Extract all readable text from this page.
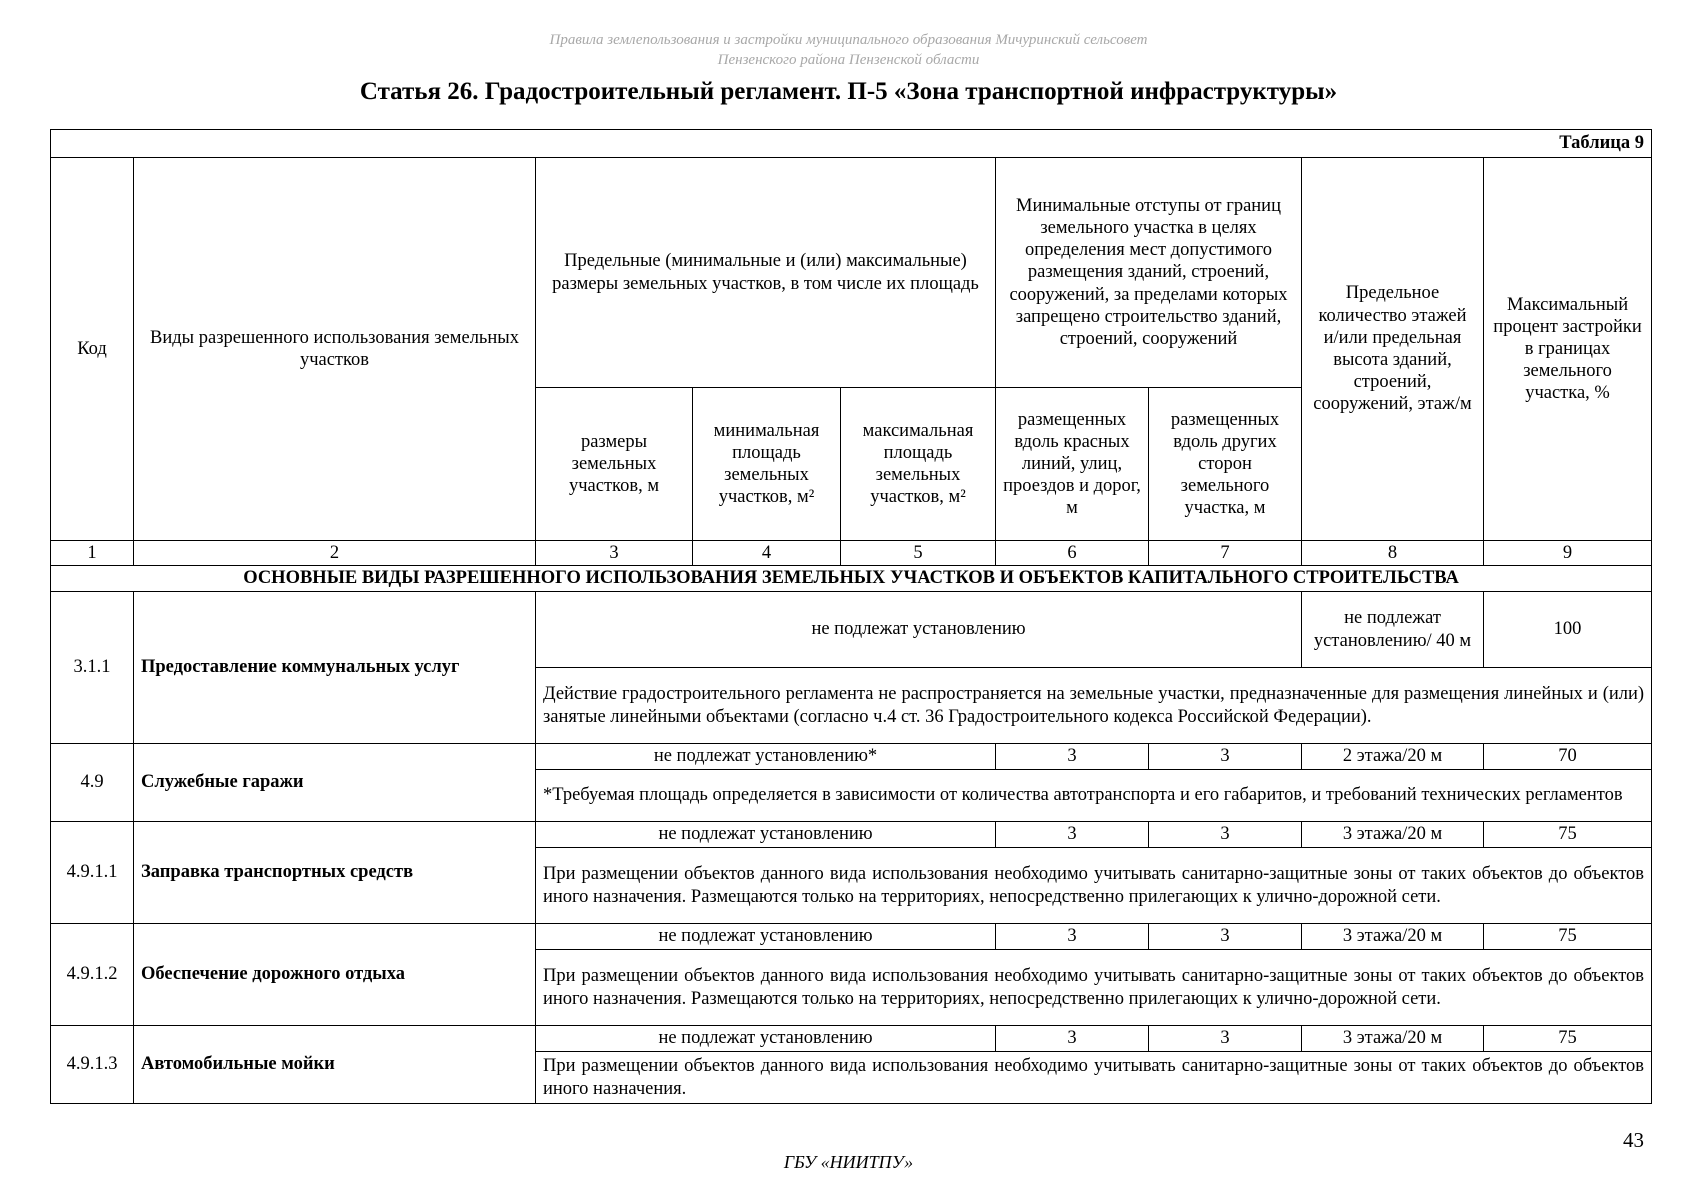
Правила землепользования и застройки муниципального образования Мичуринский сельсовет
Пензенского района Пензенской области
Статья 26. Градостроительный регламент. П-5 «Зона транспортной инфраструктуры»
Таблица 9								
Код	Виды разрешенного использования земельных участков	Предельные (минимальные и (или) максимальные) размеры земельных участков, в том числе их площадь			Минимальные отступы от границ земельного участка в целях определения мест допустимого размещения зданий, строений, сооружений, за пределами которых запрещено строительство зданий, строений, сооружений		Предельное количество этажей и/или предельная высота зданий, строений, сооружений, этаж/м	Максимальный процент застройки в границах земельного участка, %
		размеры земельных участков, м	минимальная площадь земельных участков, м²	максимальная площадь земельных участков, м²	размещенных вдоль красных линий, улиц, проездов и дорог, м	размещенных вдоль других сторон земельного участка, м		
1	2	3	4	5	6	7	8	9
ОСНОВНЫЕ ВИДЫ РАЗРЕШЕННОГО ИСПОЛЬЗОВАНИЯ ЗЕМЕЛЬНЫХ УЧАСТКОВ И ОБЪЕКТОВ КАПИТАЛЬНОГО СТРОИТЕЛЬСТВА								
3.1.1	Предоставление коммунальных услуг	не подлежат установлению					не подлежат установлению/ 40 м	100
		Действие градостроительного регламента не распространяется на земельные участки, предназначенные для размещения линейных и (или) занятые линейными объектами (согласно ч.4 ст. 36 Градостроительного кодекса Российской Федерации).						
4.9	Служебные гаражи	не подлежат установлению*			3	3	2 этажа/20 м	70
		*Требуемая площадь определяется в зависимости от количества автотранспорта и его габаритов, и требований технических регламентов						
4.9.1.1	Заправка транспортных средств	не подлежат установлению			3	3	3 этажа/20 м	75
		При размещении объектов данного вида использования необходимо учитывать санитарно-защитные зоны от таких объектов до объектов иного назначения. Размещаются только на территориях, непосредственно прилегающих к улично-дорожной сети.						
4.9.1.2	Обеспечение дорожного отдыха	не подлежат установлению			3	3	3 этажа/20 м	75
		При размещении объектов данного вида использования необходимо учитывать санитарно-защитные зоны от таких объектов до объектов иного назначения. Размещаются только на территориях, непосредственно прилегающих к улично-дорожной сети.						
4.9.1.3	Автомобильные мойки	не подлежат установлению			3	3	3 этажа/20 м	75
		При размещении объектов данного вида использования необходимо учитывать санитарно-защитные зоны от таких объектов до объектов иного назначения.						
43
ГБУ «НИИТПУ»
